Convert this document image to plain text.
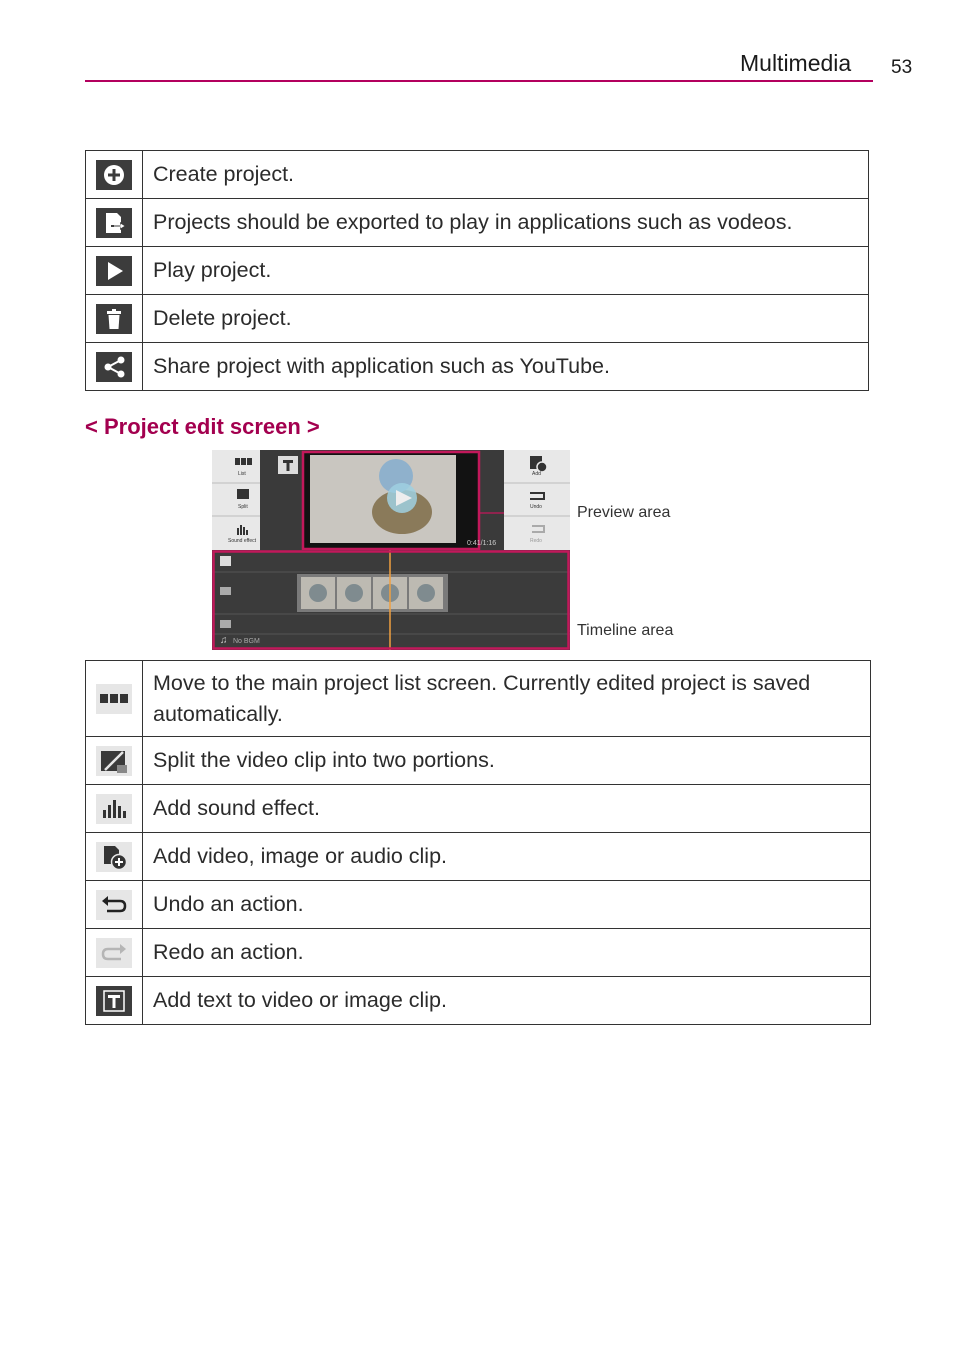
Multimedia 53
	Create project.
	Projects should be exported to play in applications such as vodeos.
	Play project.
	Delete project.
	Share project with application such as YouTube.
< Project edit screen >
List
Split
Sound effect
Add
Undo
Redo
0:41/1:16
♫ No BGM
Preview area
Timeline area
	Move to the main project list screen. Currently edited project is saved automatically.
	Split the video clip into two portions.
	Add sound effect.
	Add video, image or audio clip.
	Undo an action.
	Redo an action.
	Add text to video or image clip.
